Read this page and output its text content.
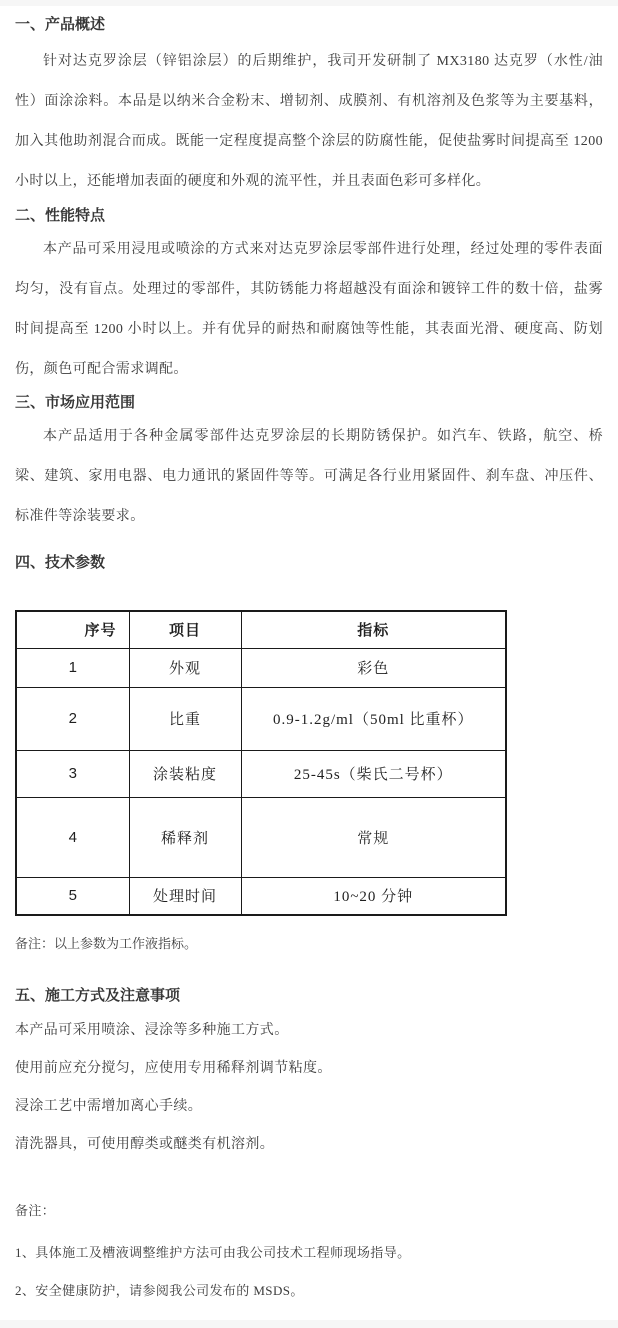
一、产品概述

针对达克罗涂层（锌铝涂层）的后期维护，我司开发研制了 MX3180 达克罗（水性/油性）面涂涂料。本品是以纳米合金粉末、增韧剂、成膜剂、有机溶剂及色浆等为主要基料，加入其他助剂混合而成。既能一定程度提高整个涂层的防腐性能，促使盐雾时间提高至 1200 小时以上，还能增加表面的硬度和外观的流平性，并且表面色彩可多样化。

二、性能特点

本产品可采用浸甩或喷涂的方式来对达克罗涂层零部件进行处理，经过处理的零件表面均匀，没有盲点。处理过的零部件，其防锈能力将超越没有面涂和镀锌工件的数十倍，盐雾时间提高至 1200 小时以上。并有优异的耐热和耐腐蚀等性能，其表面光滑、硬度高、防划伤，颜色可配合需求调配。

三、市场应用范围

本产品适用于各种金属零部件达克罗涂层的长期防锈保护。如汽车、铁路，航空、桥梁、建筑、家用电器、电力通讯的紧固件等等。可满足各行业用紧固件、刹车盘、冲压件、标准件等涂装要求。

四、技术参数
序号	项目	指标
1	外观	彩色
2	比重	0.9-1.2g/ml（50ml 比重杯）
3	涂装粘度	25-45s（柴氏二号杯）
4	稀释剂	常规
5	处理时间	10~20 分钟

备注：以上参数为工作液指标。

五、施工方式及注意事项

本产品可采用喷涂、浸涂等多种施工方式。

使用前应充分搅匀，应使用专用稀释剂调节粘度。

浸涂工艺中需增加离心手续。

清洗器具，可使用醇类或醚类有机溶剂。

备注：

1、具体施工及槽液调整维护方法可由我公司技术工程师现场指导。

2、安全健康防护，请参阅我公司发布的 MSDS。
